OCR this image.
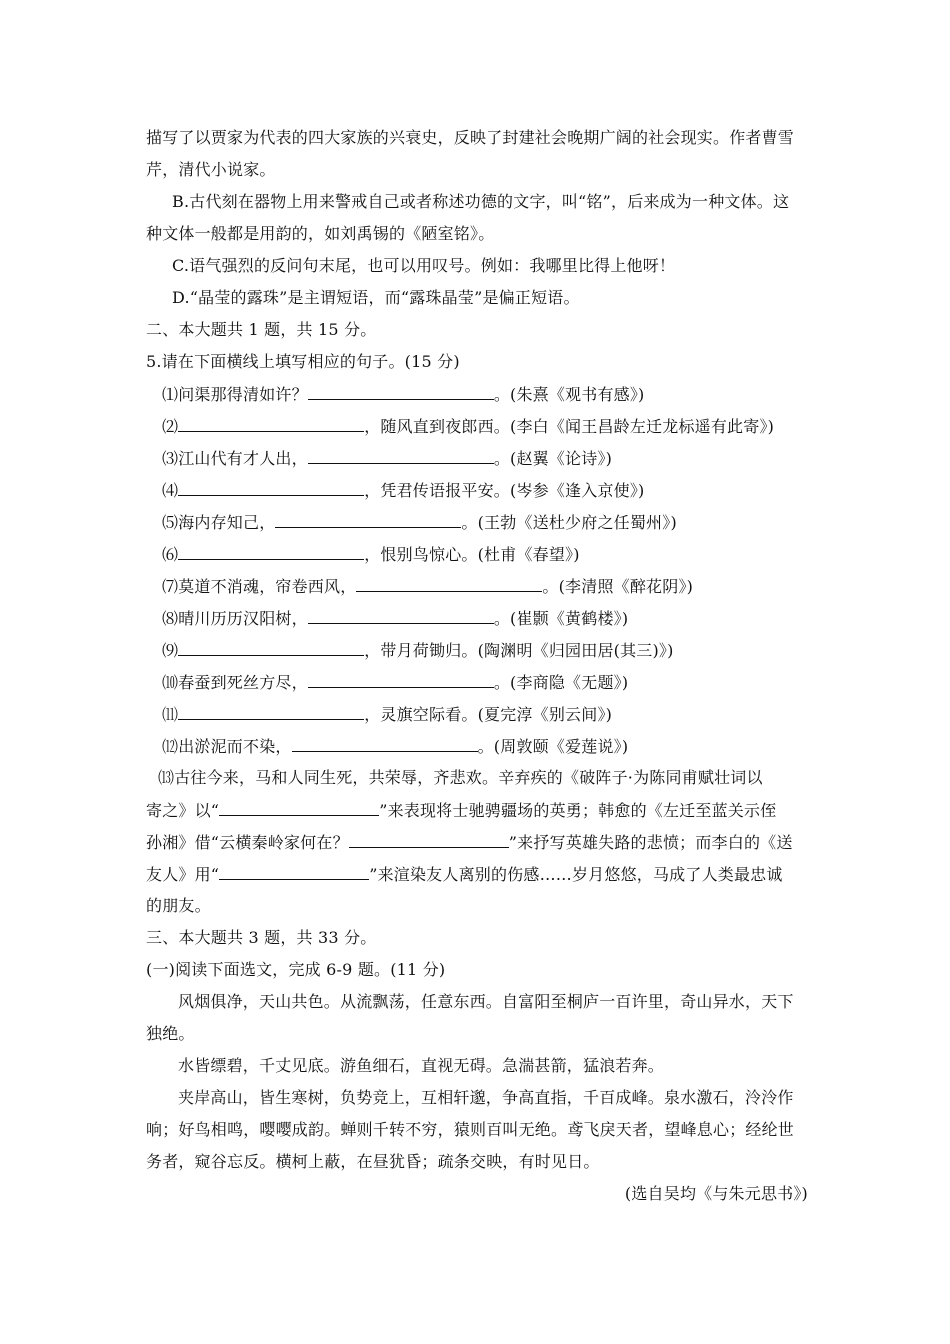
描写了以贾家为代表的四大家族的兴衰史，反映了封建社会晚期广阔的社会现实。作者曹雪
芹，清代小说家。
B.古代刻在器物上用来警戒自己或者称述功德的文字，叫“铭”，后来成为一种文体。这
种文体一般都是用韵的，如刘禹锡的《陋室铭》。
C.语气强烈的反问句末尾，也可以用叹号。例如：我哪里比得上他呀！
D.“晶莹的露珠”是主谓短语，而“露珠晶莹”是偏正短语。
二、本大题共 1 题，共 15 分。
5.请在下面横线上填写相应的句子。(15 分)
⑴问渠那得清如许？	。(朱熹《观书有感》)
⑵	，随风直到夜郎西。(李白《闻王昌龄左迁龙标遥有此寄》)
⑶江山代有才人出，	。(赵翼《论诗》)
⑷	，凭君传语报平安。(岑参《逢入京使》)
⑸海内存知己，	。(王勃《送杜少府之任蜀州》)
⑹	，恨别鸟惊心。(杜甫《春望》)
⑺莫道不消魂，帘卷西风，	。(李清照《醉花阴》)
⑻晴川历历汉阳树，	。(崔颢《黄鹤楼》)
⑼	，带月荷锄归。(陶渊明《归园田居(其三)》)
⑽春蚕到死丝方尽，	。(李商隐《无题》)
⑾	，灵旗空际看。(夏完淳《别云间》)
⑿出淤泥而不染，	。(周敦颐《爱莲说》)
⒀古往今来，马和人同生死，共荣辱，齐悲欢。辛弃疾的《破阵子·为陈同甫赋壮词以
寄之》以“	”来表现将士驰骋疆场的英勇；韩愈的《左迁至蓝关示侄
孙湘》借“云横秦岭家何在？	”来抒写英雄失路的悲愤；而李白的《送
友人》用“	”来渲染友人离别的伤感……岁月悠悠，马成了人类最忠诚
的朋友。
三、本大题共 3 题，共 33 分。
(一)阅读下面选文，完成 6-9 题。(11 分)
风烟俱净，天山共色。从流飘荡，任意东西。自富阳至桐庐一百许里，奇山异水，天下
独绝。
水皆缥碧，千丈见底。游鱼细石，直视无碍。急湍甚箭，猛浪若奔。
夹岸高山，皆生寒树，负势竞上，互相轩邈，争高直指，千百成峰。泉水激石，泠泠作
响；好鸟相鸣，嘤嘤成韵。蝉则千转不穷，猿则百叫无绝。鸢飞戾天者，望峰息心；经纶世
务者，窥谷忘反。横柯上蔽，在昼犹昏；疏条交映，有时见日。
(选自吴均《与朱元思书》)
